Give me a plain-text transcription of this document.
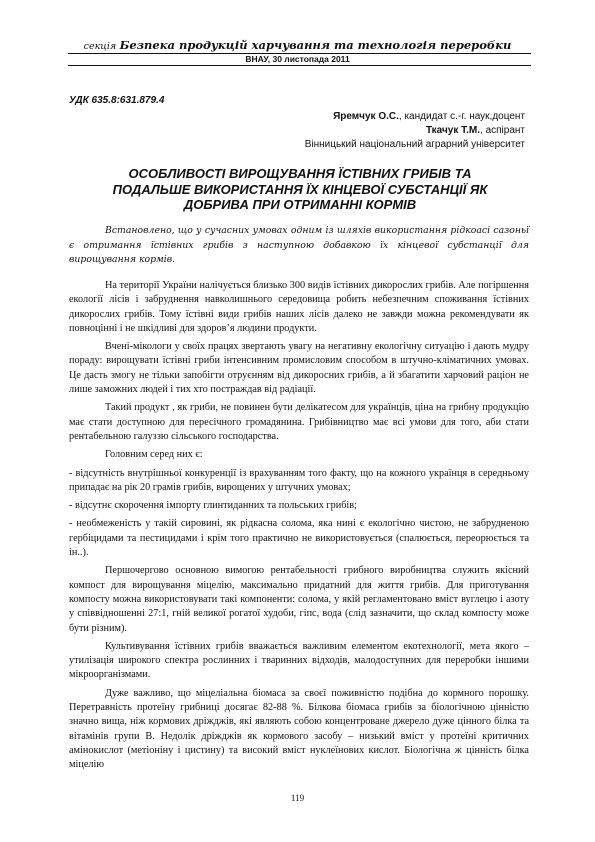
секція Безпека продукцій харчування та технологія переробки
ВНАУ, 30 листопада 2011
УДК 635.8:631.879.4
Яремчук О.С., кандидат с.-г. наук,доцент
Ткачук Т.М., аспірант
Вінницький національний аграрний університет
ОСОБЛИВОСТІ ВИРОЩУВАННЯ ЇСТІВНИХ ГРИБІВ ТА
ПОДАЛЬШЕ ВИКОРИСТАННЯ ЇХ КІНЦЕВОЇ СУБСТАНЦІЇ ЯК
ДОБРИВА ПРИ ОТРИМАННІ КОРМІВ
Встановлено, що у сучасних умовах одним із шляхів використання рідкоасі сазоньї є отримання їстівних грибів з наступною добавкою їх кінцевої субстанції для вирощування кормів.

На території України налічується близько 300 видів їстівних дикорослих грибів. Але погіршення екології лісів і забруднення навколишнього середовища робить небезпечним споживання їстівних дикорослих грибів. Тому їстівні види грибів наших лісів далеко не завжди можна рекомендувати як повноцінні і не шкідливі для здоров’я людини продукти.

Вчені-мікологи у своїх працях звертають увагу на негативну екологічну ситуацію і дають мудру пораду: вирощувати їстівні гриби інтенсивним промисловим способом в штучно-кліматичних умовах. Це дасть змогу не тільки запобігти отруєнням від дикоросних грибів, а й збагатити харчовий раціон не лише заможних людей і тих хто постраждав від радіації.

Такий продукт , як гриби, не повинен бути делікатесом для українців, ціна на грибну продукцію має стати доступною для пересічного громадянина. Грибівництво має всі умови для того, аби стати рентабельною галуззю сільського господарства.

Головним серед них є:

- відсутність внутрішньої конкуренції із врахуванням того факту, що на кожного українця в середньому припадає на рік 20 грамів грибів, вирощених у штучних умовах;

- відсутнє скорочення імпорту глинтиданних та польських грибів;

- необмеженість у такій сировині, як рідкасна соломa, яка нині є екологічно чистою, не забрудненою гербіцидами та пестицидами і крім того практично не використовується (спалюється, переорюється та ін..).

Першочергово основною вимогою рентабельності грибного виробництва служить якісний компост для вирощування міцелію, максимально придатний для життя грибів. Для приготування компосту можна використовувати такі компоненти: солома, у якій регламентовано вміст вуглецю і азоту у співвідношенні 27:1, гній великої рогатої худоби, гіпс, вода (слід зазначити, що склад компосту може бути різним).

Культивування їстівних грибів вважається важливим елементом екотехнології, мета якого – утилізація широкого спектра рослинних і тваринних відходів, малодоступних для переробки іншими мікроорганізмами.

Дуже важливо, що міцеліальна біомаса за своєї поживністю подібна до кормного порошку. Перетравність протеїну грибниці досягає 82-88 %. Білкова біомаса грибів за біологічною цінністю значно вища, ніж кормових дріжджів, які являють собою концентроване джерело дуже цінного білка та вітамінів групи В. Недолік дріжджів як кормового засобу – низький вміст у протеїні критичних амінокислот (метіоніну і цистину) та високий вміст нуклеїнових кислот. Біологічна ж цінність білка міцелію

119
